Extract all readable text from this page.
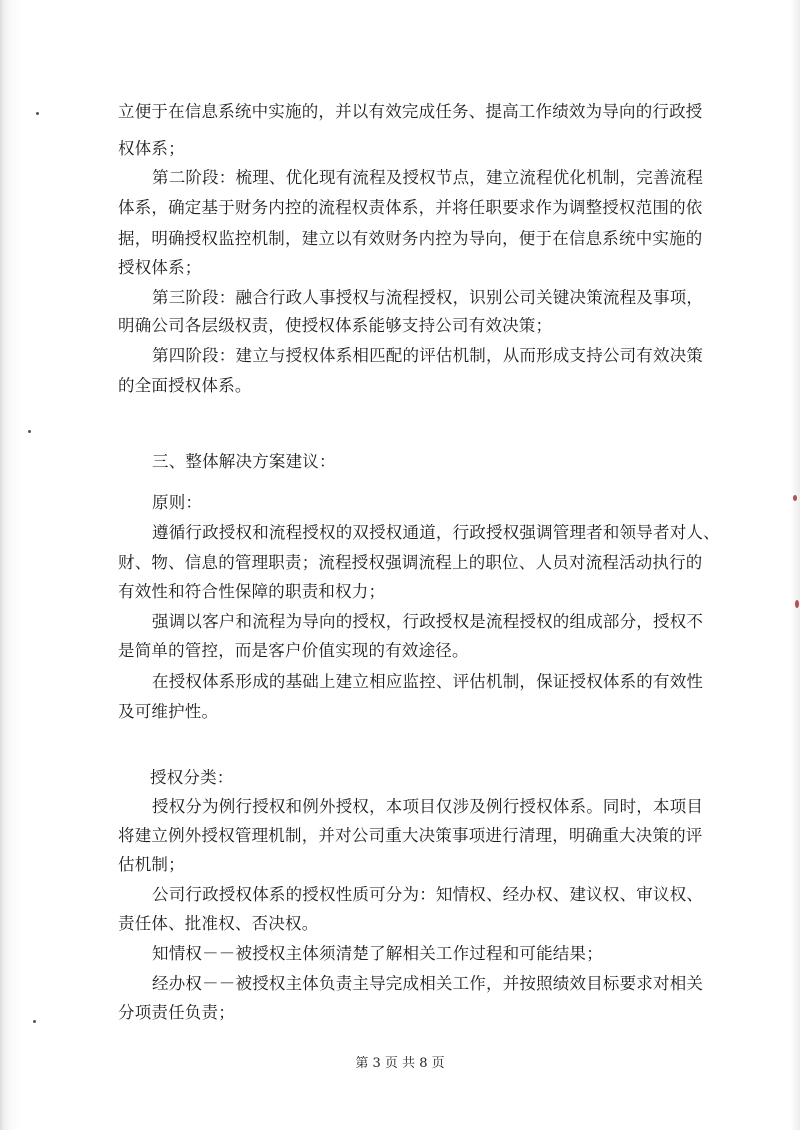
立便于在信息系统中实施的，并以有效完成任务、提高工作绩效为导向的行政授
权体系；
第二阶段：梳理、优化现有流程及授权节点，建立流程优化机制，完善流程
体系，确定基于财务内控的流程权责体系，并将任职要求作为调整授权范围的依
据，明确授权监控机制，建立以有效财务内控为导向，便于在信息系统中实施的
授权体系；
第三阶段：融合行政人事授权与流程授权，识别公司关键决策流程及事项，
明确公司各层级权责，使授权体系能够支持公司有效决策；
第四阶段：建立与授权体系相匹配的评估机制，从而形成支持公司有效决策
的全面授权体系。
三、整体解决方案建议：
原则：
遵循行政授权和流程授权的双授权通道，行政授权强调管理者和领导者对人、
财、物、信息的管理职责；流程授权强调流程上的职位、人员对流程活动执行的
有效性和符合性保障的职责和权力；
强调以客户和流程为导向的授权，行政授权是流程授权的组成部分，授权不
是简单的管控，而是客户价值实现的有效途径。
在授权体系形成的基础上建立相应监控、评估机制，保证授权体系的有效性
及可维护性。
授权分类：
授权分为例行授权和例外授权，本项目仅涉及例行授权体系。同时，本项目
将建立例外授权管理机制，并对公司重大决策事项进行清理，明确重大决策的评
估机制；
公司行政授权体系的授权性质可分为：知情权、经办权、建议权、审议权、
责任体、批准权、否决权。
知情权－－被授权主体须清楚了解相关工作过程和可能结果；
经办权－－被授权主体负责主导完成相关工作，并按照绩效目标要求对相关
分项责任负责；
第 3 页 共 8 页
